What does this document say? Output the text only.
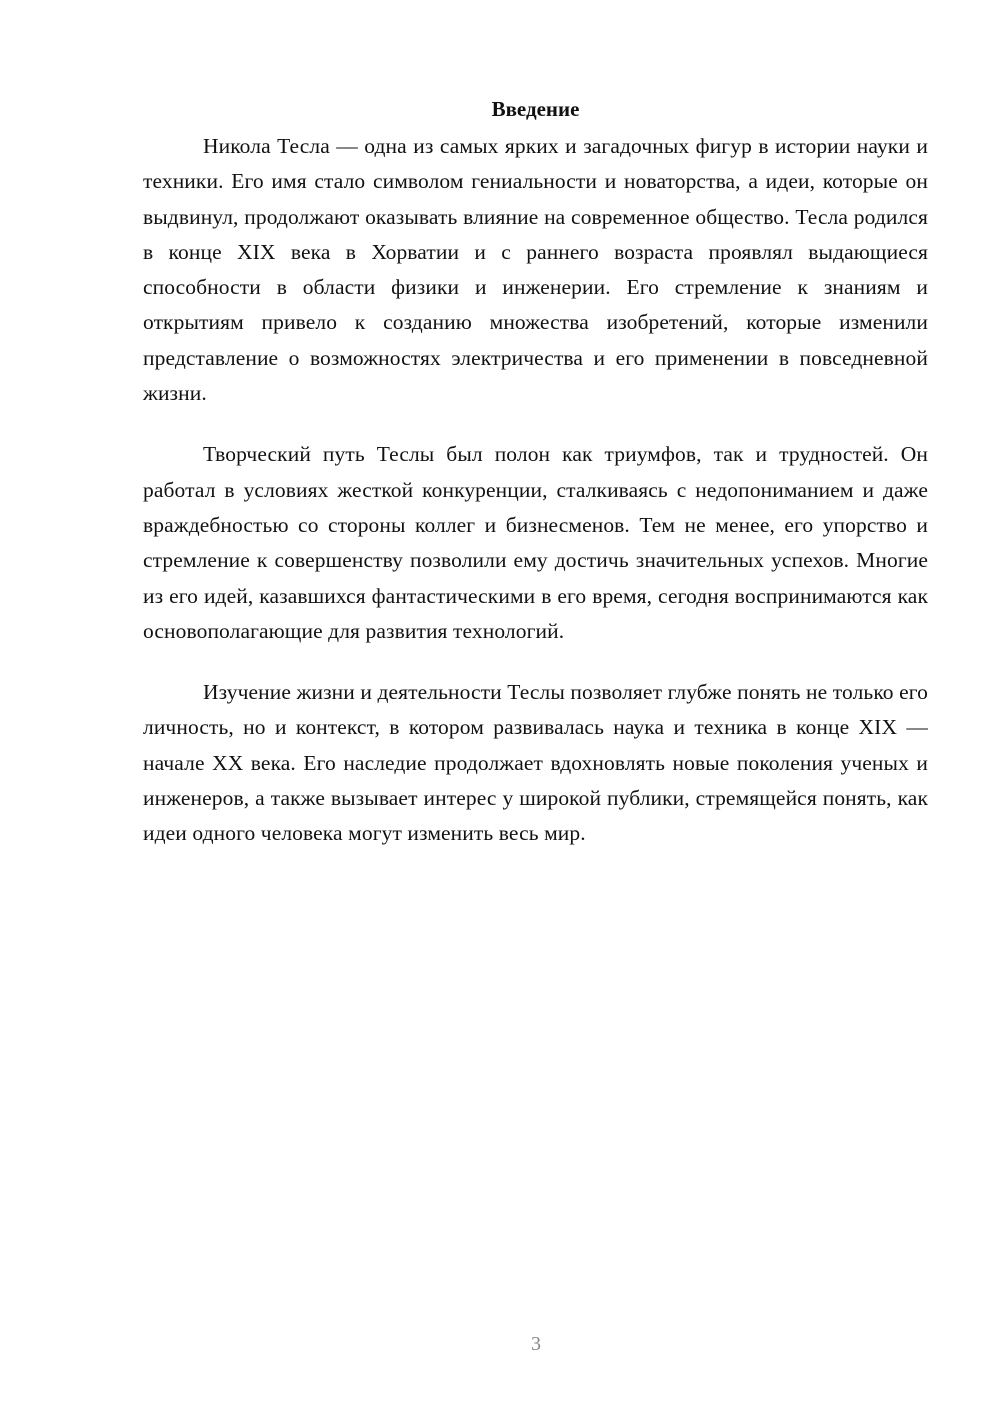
Введение

Никола Тесла — одна из самых ярких и загадочных фигур в истории науки и техники. Его имя стало символом гениальности и новаторства, а идеи, которые он выдвинул, продолжают оказывать влияние на современное общество. Тесла родился в конце XIX века в Хорватии и с раннего возраста проявлял выдающиеся способности в области физики и инженерии. Его стремление к знаниям и открытиям привело к созданию множества изобретений, которые изменили представление о возможностях электричества и его применении в повседневной жизни.

Творческий путь Теслы был полон как триумфов, так и трудностей. Он работал в условиях жесткой конкуренции, сталкиваясь с недопониманием и даже враждебностью со стороны коллег и бизнесменов. Тем не менее, его упорство и стремление к совершенству позволили ему достичь значительных успехов. Многие из его идей, казавшихся фантастическими в его время, сегодня воспринимаются как основополагающие для развития технологий.

Изучение жизни и деятельности Теслы позволяет глубже понять не только его личность, но и контекст, в котором развивалась наука и техника в конце XIX — начале XX века. Его наследие продолжает вдохновлять новые поколения ученых и инженеров, а также вызывает интерес у широкой публики, стремящейся понять, как идеи одного человека могут изменить весь мир.

3
